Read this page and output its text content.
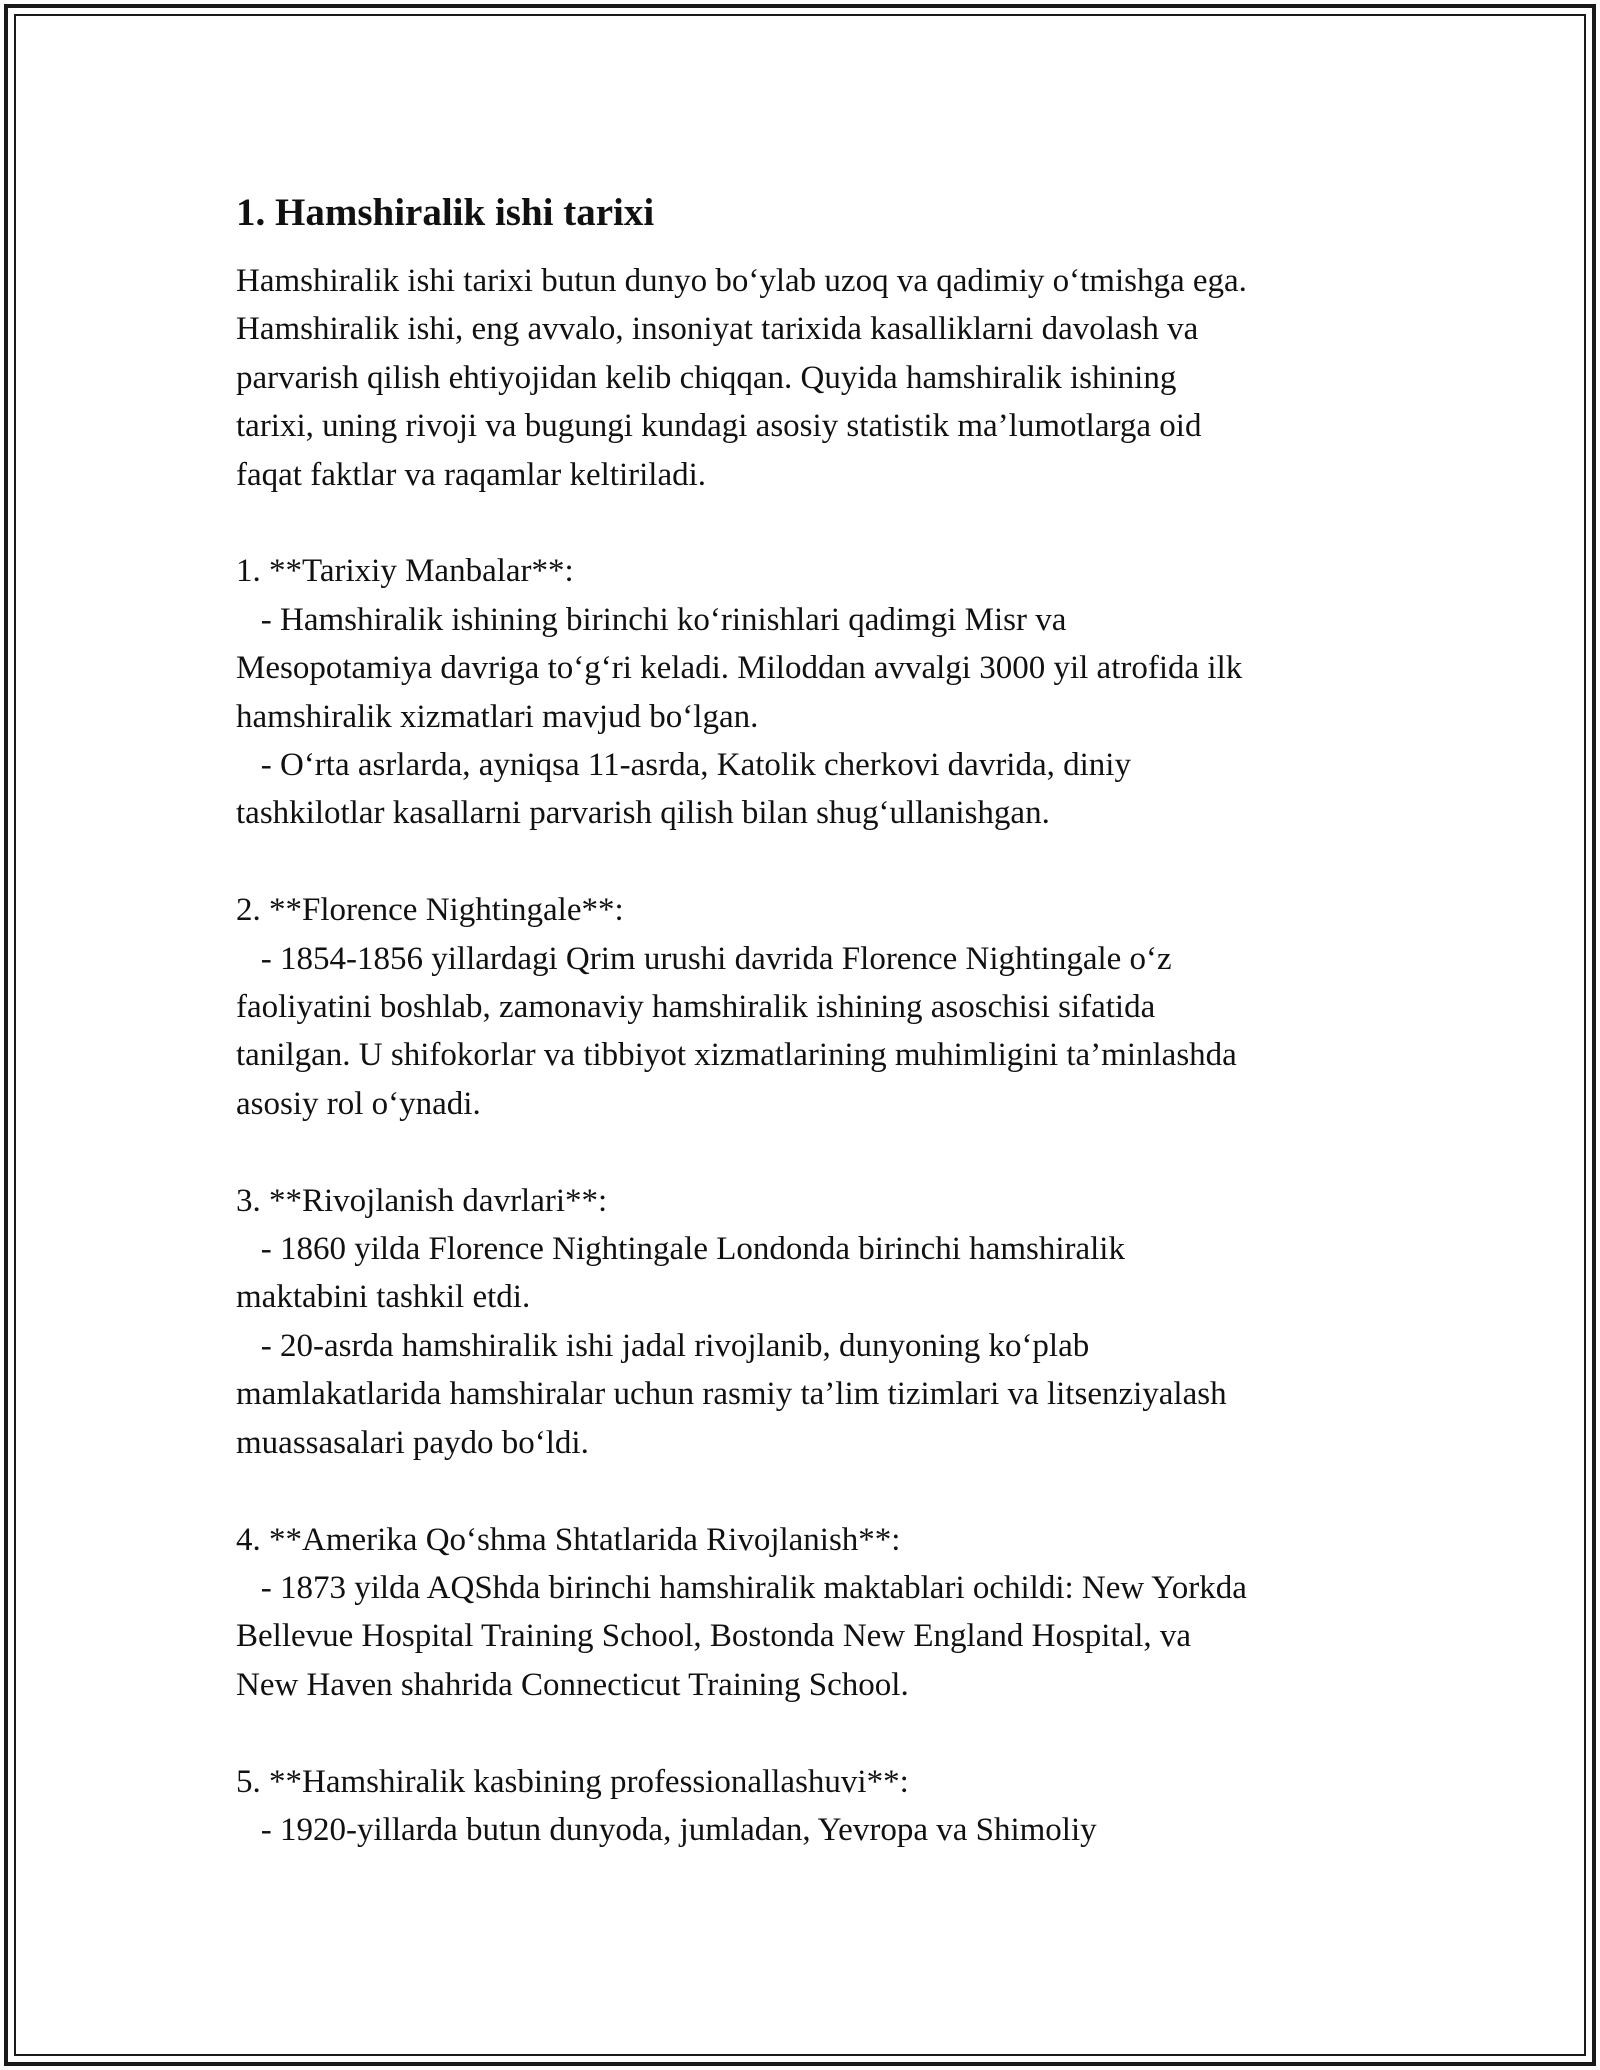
1. Hamshiralik ishi tarixi
Hamshiralik ishi tarixi butun dunyo bo‘ylab uzoq va qadimiy o‘tmishga ega.
Hamshiralik ishi, eng avvalo, insoniyat tarixida kasalliklarni davolash va
parvarish qilish ehtiyojidan kelib chiqqan. Quyida hamshiralik ishining
tarixi, uning rivoji va bugungi kundagi asosiy statistik ma’lumotlarga oid
faqat faktlar va raqamlar keltiriladi.
1. **Tarixiy Manbalar**:
- Hamshiralik ishining birinchi ko‘rinishlari qadimgi Misr va
Mesopotamiya davriga to‘g‘ri keladi. Miloddan avvalgi 3000 yil atrofida ilk
hamshiralik xizmatlari mavjud bo‘lgan.
- O‘rta asrlarda, ayniqsa 11-asrda, Katolik cherkovi davrida, diniy
tashkilotlar kasallarni parvarish qilish bilan shug‘ullanishgan.
2. **Florence Nightingale**:
- 1854-1856 yillardagi Qrim urushi davrida Florence Nightingale o‘z
faoliyatini boshlab, zamonaviy hamshiralik ishining asoschisi sifatida
tanilgan. U shifokorlar va tibbiyot xizmatlarining muhimligini ta’minlashda
asosiy rol o‘ynadi.
3. **Rivojlanish davrlari**:
- 1860 yilda Florence Nightingale Londonda birinchi hamshiralik
maktabini tashkil etdi.
- 20-asrda hamshiralik ishi jadal rivojlanib, dunyoning ko‘plab
mamlakatlarida hamshiralar uchun rasmiy ta’lim tizimlari va litsenziyalash
muassasalari paydo bo‘ldi.
4. **Amerika Qo‘shma Shtatlarida Rivojlanish**:
- 1873 yilda AQShda birinchi hamshiralik maktablari ochildi: New Yorkda
Bellevue Hospital Training School, Bostonda New England Hospital, va
New Haven shahrida Connecticut Training School.
5. **Hamshiralik kasbining professionallashuvi**:
- 1920-yillarda butun dunyoda, jumladan, Yevropa va Shimoliy
